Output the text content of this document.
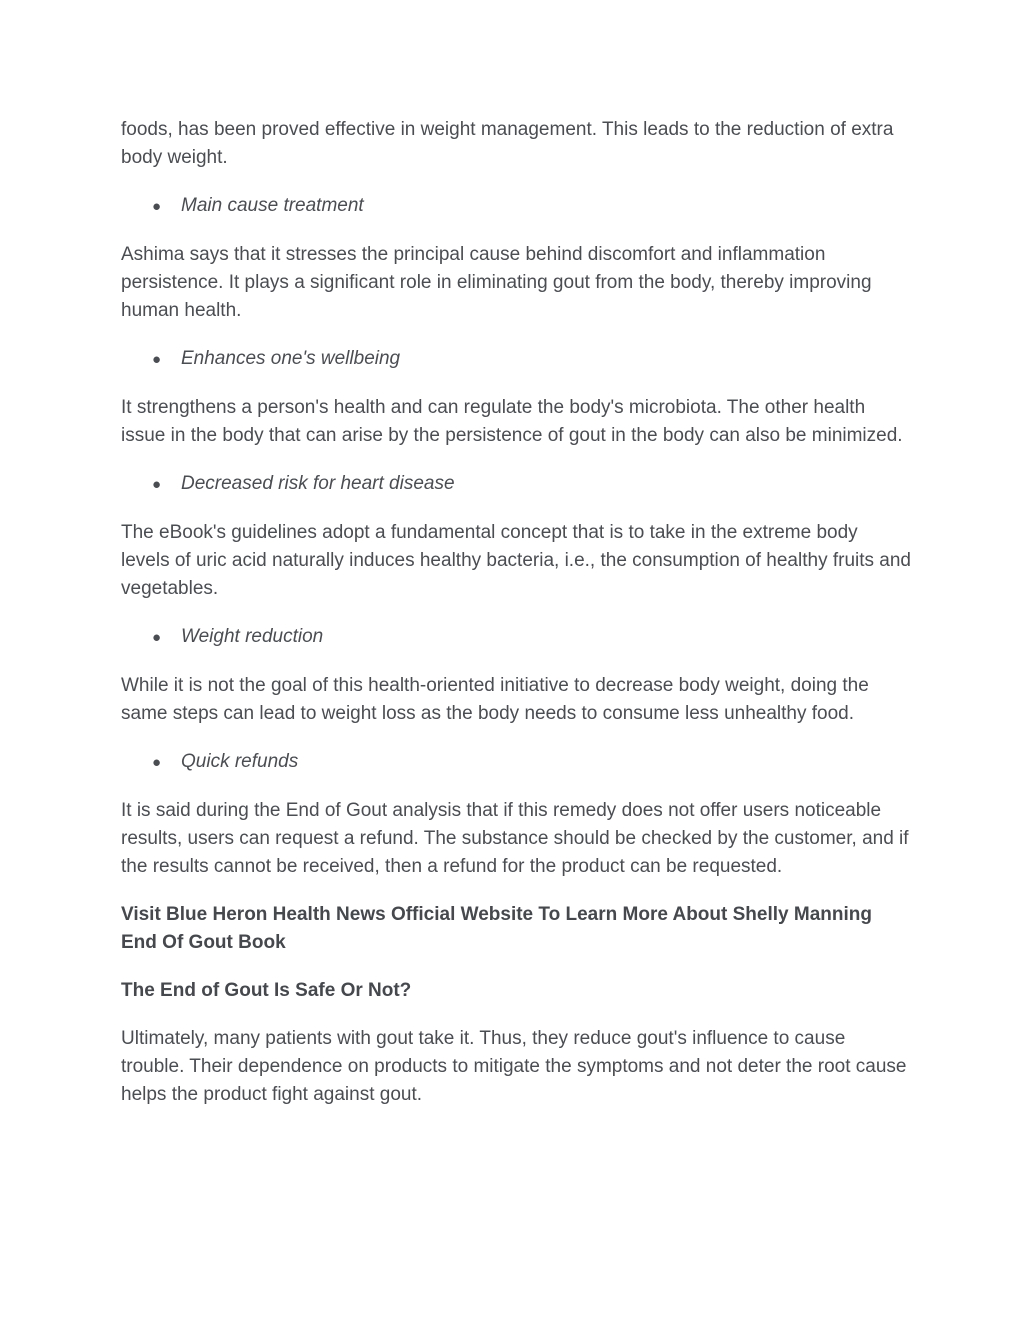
foods, has been proved effective in weight management. This leads to the reduction of extra body weight.

●	Main cause treatment

Ashima says that it stresses the principal cause behind discomfort and inflammation persistence. It plays a significant role in eliminating gout from the body, thereby improving human health.

●	Enhances one's wellbeing

It strengthens a person's health and can regulate the body's microbiota. The other health issue in the body that can arise by the persistence of gout in the body can also be minimized.

●	Decreased risk for heart disease

The eBook's guidelines adopt a fundamental concept that is to take in the extreme body levels of uric acid naturally induces healthy bacteria, i.e., the consumption of healthy fruits and vegetables.

●	Weight reduction

While it is not the goal of this health-oriented initiative to decrease body weight, doing the same steps can lead to weight loss as the body needs to consume less unhealthy food.

●	Quick refunds

It is said during the End of Gout analysis that if this remedy does not offer users noticeable results, users can request a refund. The substance should be checked by the customer, and if the results cannot be received, then a refund for the product can be requested.

Visit Blue Heron Health News Official Website To Learn More About Shelly Manning End Of Gout Book

The End of Gout Is Safe Or Not?

Ultimately, many patients with gout take it. Thus, they reduce gout's influence to cause trouble. Their dependence on products to mitigate the symptoms and not deter the root cause helps the product fight against gout.
